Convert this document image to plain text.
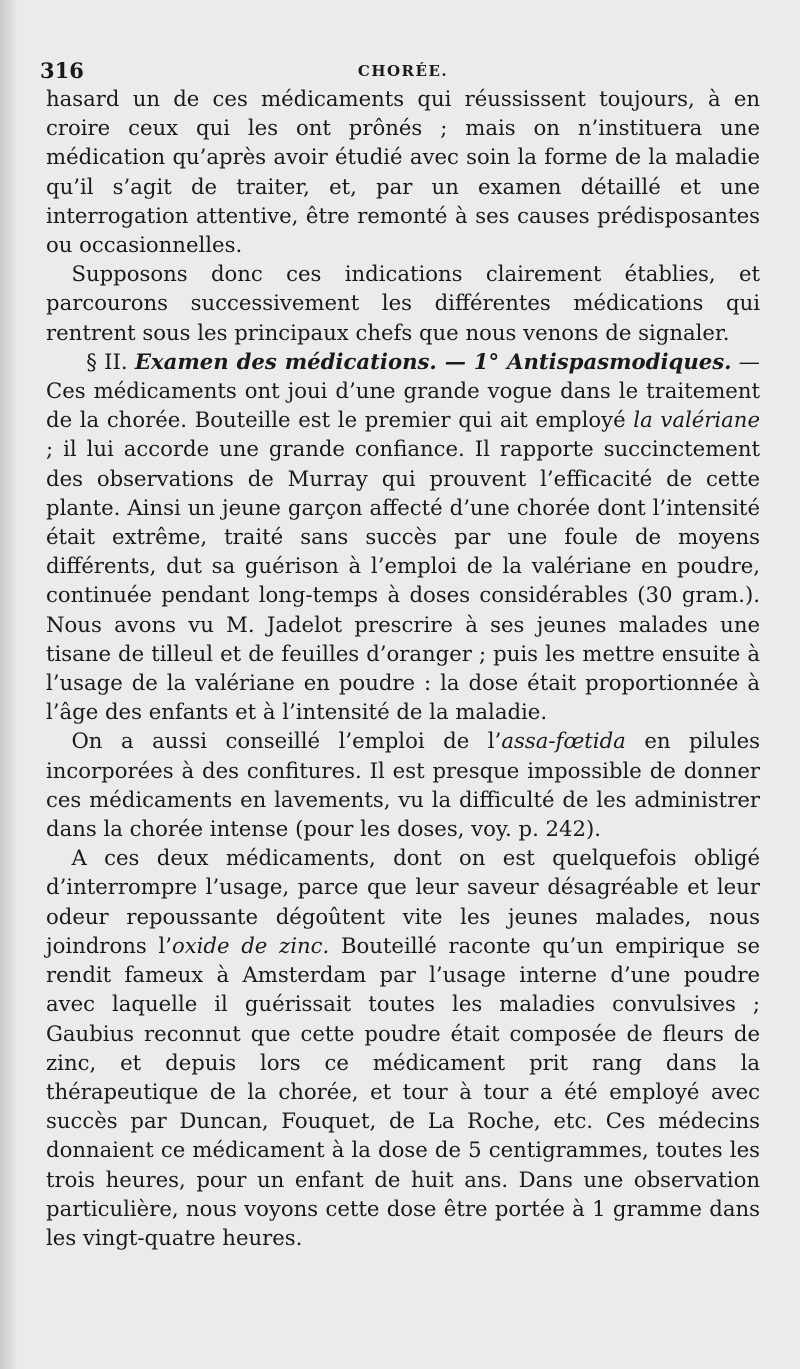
316	CHORÉE.

hasard un de ces médicaments qui réussissent toujours, à en croire ceux qui les ont prônés ; mais on n’instituera une médication qu’après avoir étudié avec soin la forme de la maladie qu’il s’agit de traiter, et, par un examen détaillé et une interrogation attentive, être remonté à ses causes prédisposantes ou occasionnelles.

Supposons donc ces indications clairement établies, et parcourons successivement les différentes médications qui rentrent sous les principaux chefs que nous venons de signaler.

§ II. Examen des médications. — 1° Antispasmodiques. — Ces médicaments ont joui d’une grande vogue dans le traitement de la chorée. Bouteille est le premier qui ait employé la valériane ; il lui accorde une grande confiance. Il rapporte succinctement des observations de Murray qui prouvent l’efficacité de cette plante. Ainsi un jeune garçon affecté d’une chorée dont l’intensité était extrême, traité sans succès par une foule de moyens différents, dut sa guérison à l’emploi de la valériane en poudre, continuée pendant long-temps à doses considérables (30 gram.). Nous avons vu M. Jadelot prescrire à ses jeunes malades une tisane de tilleul et de feuilles d’oranger ; puis les mettre ensuite à l’usage de la valériane en poudre : la dose était proportionnée à l’âge des enfants et à l’intensité de la maladie.

On a aussi conseillé l’emploi de l’assa-fœtida en pilules incorporées à des confitures. Il est presque impossible de donner ces médicaments en lavements, vu la difficulté de les administrer dans la chorée intense (pour les doses, voy. p. 242).

A ces deux médicaments, dont on est quelquefois obligé d’interrompre l’usage, parce que leur saveur désagréable et leur odeur repoussante dégoûtent vite les jeunes malades, nous joindrons l’oxide de zinc. Bouteillé raconte qu’un empirique se rendit fameux à Amsterdam par l’usage interne d’une poudre avec laquelle il guérissait toutes les maladies convulsives ; Gaubius reconnut que cette poudre était composée de fleurs de zinc, et depuis lors ce médicament prit rang dans la thérapeutique de la chorée, et tour à tour a été employé avec succès par Duncan, Fouquet, de La Roche, etc. Ces médecins donnaient ce médicament à la dose de 5 centigrammes, toutes les trois heures, pour un enfant de huit ans. Dans une observation particulière, nous voyons cette dose être portée à 1 gramme dans les vingt-quatre heures.
